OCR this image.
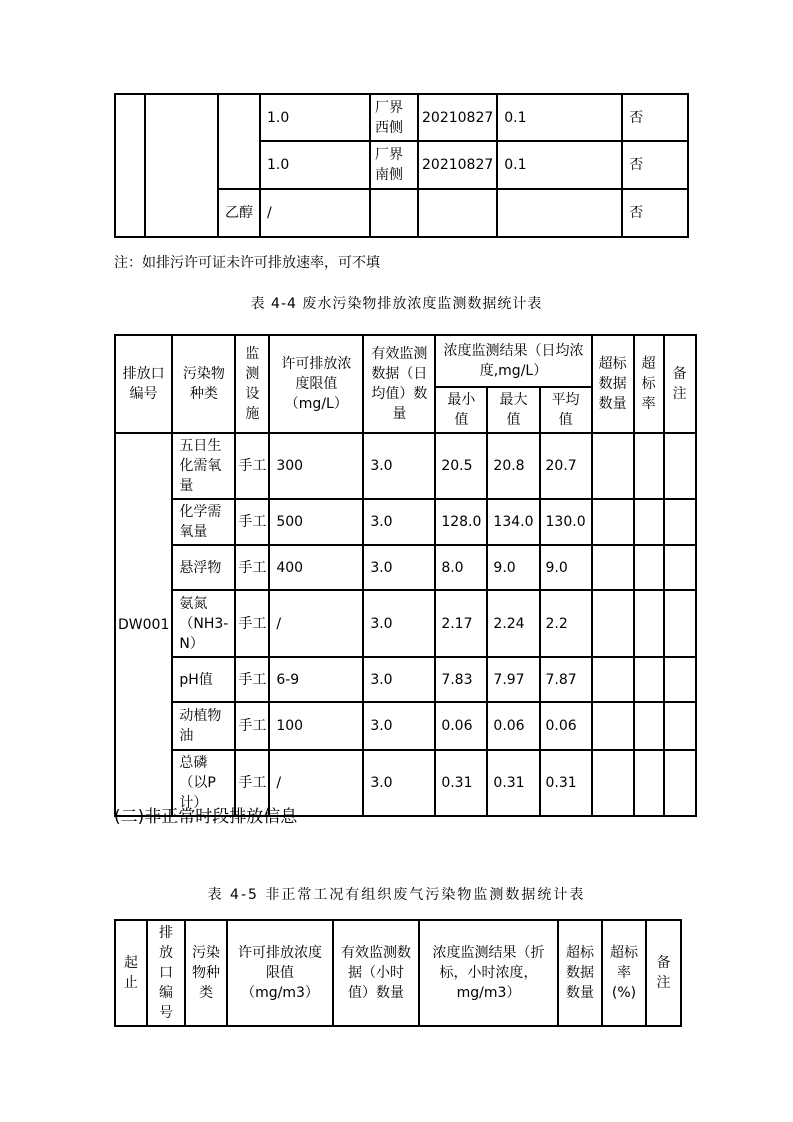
			1.0	厂界西侧	20210827	0.1	否
			1.0	厂界南侧	20210827	0.1	否
		乙醇	/				否
注：如排污许可证未许可排放速率，可不填
表 4-4 废水污染物排放浓度监测数据统计表
排放口编号	污染物种类	监测设施	许可排放浓度限值（mg/L）	有效监测数据（日均值）数量	浓度监测结果（日均浓度,mg/L）			超标数据数量	超标率	备注
					最小值	最大值	平均值			
DW001	五日生化需氧量	手工	300	3.0	20.5	20.8	20.7			
	化学需氧量	手工	500	3.0	128.0	134.0	130.0			
	悬浮物	手工	400	3.0	8.0	9.0	9.0			
	氨氮（NH3-N）	手工	/	3.0	2.17	2.24	2.2			
	pH值	手工	6-9	3.0	7.83	7.97	7.87			
	动植物油	手工	100	3.0	0.06	0.06	0.06			
	总磷（以P计）	手工	/	3.0	0.31	0.31	0.31			
(二)非正常时段排放信息
表 4-5 非正常工况有组织废气污染物监测数据统计表
起止	排放口编号	污染物种类	许可排放浓度限值（mg/m3）	有效监测数据（小时值）数量	浓度监测结果（折标，小时浓度，mg/m3）	超标数据数量	超标率(%)	备注
